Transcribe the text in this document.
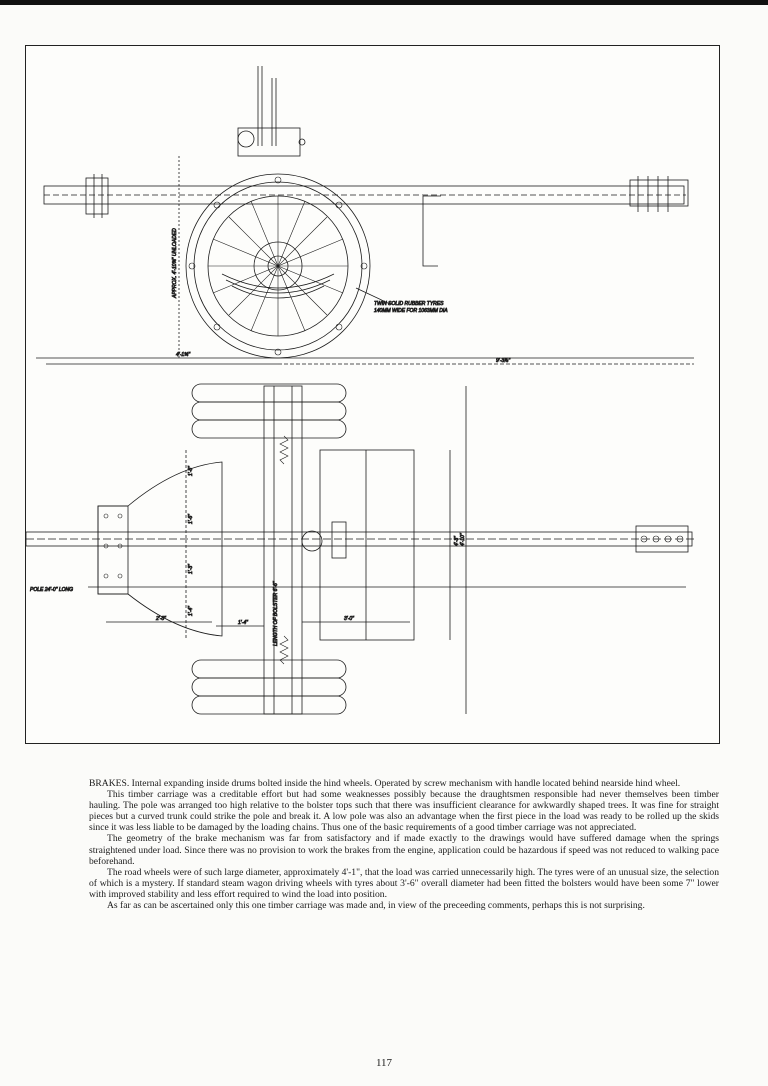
APPROX. 4'-10¾" UNLOADED
TWIN SOLID RUBBER TYRES
140MM WIDE FOR 1063MM DIA
4'-1¾"
9'-3⅞"
LENGTH OF BOLSTER 6'-6"
POLE 24'-0" LONG
2'-8"
1'-4"
3'-0"
4'-3" 4'-10"
1'-8"
1'-6"
1'-3"
1'-4"

BRAKES. Internal expanding inside drums bolted inside the hind wheels. Operated by screw mechanism with handle located behind nearside hind wheel.

This timber carriage was a creditable effort but had some weaknesses possibly because the draughtsmen responsible had never themselves been timber hauling. The pole was arranged too high relative to the bolster tops such that there was insufficient clearance for awkwardly shaped trees. It was fine for straight pieces but a curved trunk could strike the pole and break it. A low pole was also an advantage when the first piece in the load was ready to be rolled up the skids since it was less liable to be damaged by the loading chains. Thus one of the basic requirements of a good timber carriage was not appreciated.

The geometry of the brake mechanism was far from satisfactory and if made exactly to the drawings would have suffered damage when the springs straightened under load. Since there was no provision to work the brakes from the engine, application could be hazardous if speed was not reduced to walking pace beforehand.

The road wheels were of such large diameter, approximately 4'-1", that the load was carried unnecessarily high. The tyres were of an unusual size, the selection of which is a mystery. If standard steam wagon driving wheels with tyres about 3'-6" overall diameter had been fitted the bolsters would have been some 7" lower with improved stability and less effort required to wind the load into position.

As far as can be ascertained only this one timber carriage was made and, in view of the preceeding comments, perhaps this is not surprising.

117
